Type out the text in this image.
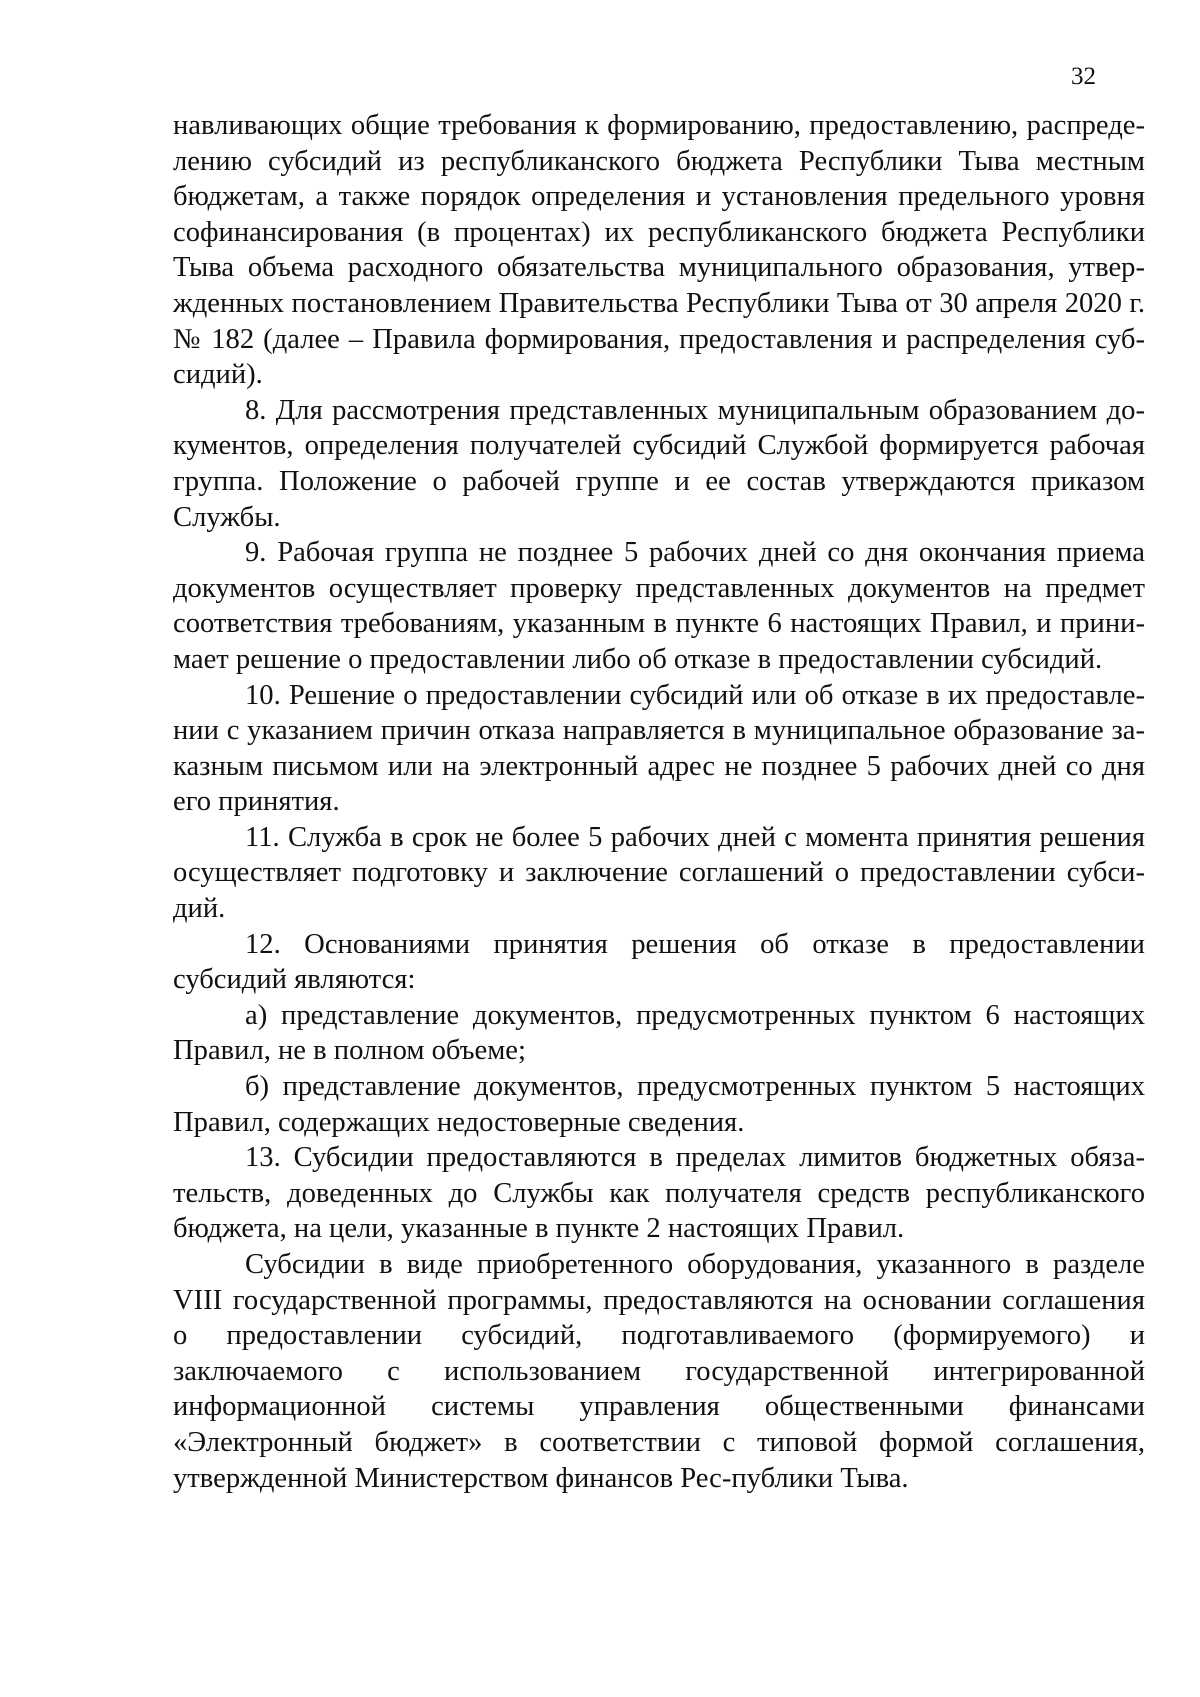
32

навливающих общие требования к формированию, предоставлению, распреде-лению субсидий из республиканского бюджета Республики Тыва местным бюджетам, а также порядок определения и установления предельного уровня софинансирования (в процентах) их республиканского бюджета Республики Тыва объема расходного обязательства муниципального образования, утвер-жденных постановлением Правительства Республики Тыва от 30 апреля 2020 г. № 182 (далее – Правила формирования, предоставления и распределения суб-сидий).

8. Для рассмотрения представленных муниципальным образованием до-кументов, определения получателей субсидий Службой формируется рабочая группа. Положение о рабочей группе и ее состав утверждаются приказом Службы.

9. Рабочая группа не позднее 5 рабочих дней со дня окончания приема документов осуществляет проверку представленных документов на предмет соответствия требованиям, указанным в пункте 6 настоящих Правил, и прини-мает решение о предоставлении либо об отказе в предоставлении субсидий.

10. Решение о предоставлении субсидий или об отказе в их предоставле-нии с указанием причин отказа направляется в муниципальное образование за-казным письмом или на электронный адрес не позднее 5 рабочих дней со дня его принятия.

11. Служба в срок не более 5 рабочих дней с момента принятия решения осуществляет подготовку и заключение соглашений о предоставлении субси-дий.

12. Основаниями принятия решения об отказе в предоставлении субсидий являются:

а) представление документов, предусмотренных пунктом 6 настоящих Правил, не в полном объеме;

б) представление документов, предусмотренных пунктом 5 настоящих Правил, содержащих недостоверные сведения.

13. Субсидии предоставляются в пределах лимитов бюджетных обяза-тельств, доведенных до Службы как получателя средств республиканского бюджета, на цели, указанные в пункте 2 настоящих Правил.

Субсидии в виде приобретенного оборудования, указанного в разделе VIII государственной программы, предоставляются на основании соглашения о предоставлении субсидий, подготавливаемого (формируемого) и заключаемого с использованием государственной интегрированной информационной системы управления общественными финансами «Электронный бюджет» в соответствии с типовой формой соглашения, утвержденной Министерством финансов Рес-публики Тыва.
